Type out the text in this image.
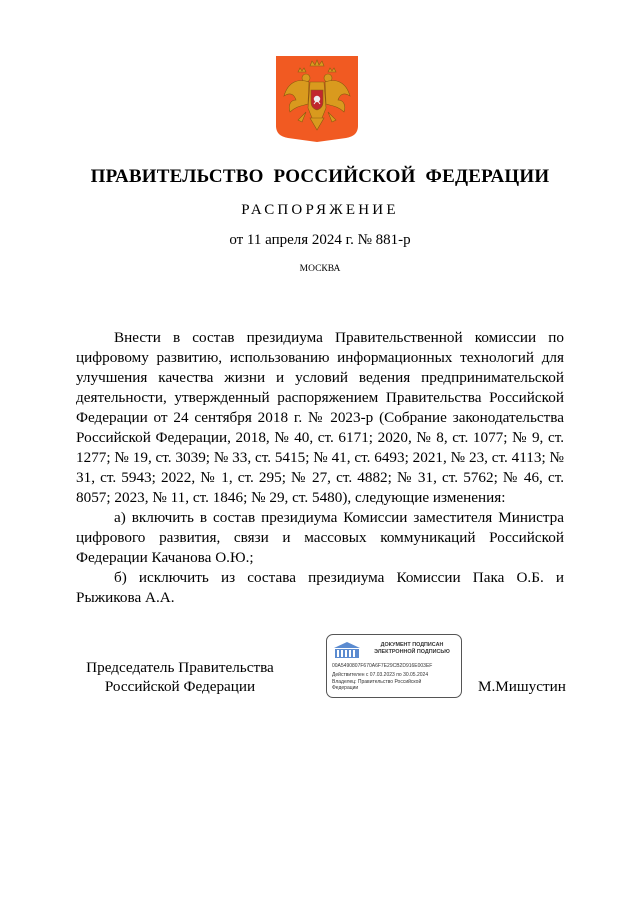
ПРАВИТЕЛЬСТВО РОССИЙСКОЙ ФЕДЕРАЦИИ
РАСПОРЯЖЕНИЕ
от 11 апреля 2024 г. № 881-р
МОСКВА

Внести в состав президиума Правительственной комиссии по цифровому развитию, использованию информационных технологий для улучшения качества жизни и условий ведения предпринимательской деятельности, утвержденный распоряжением Правительства Российской Федерации от 24 сентября 2018 г. № 2023-р (Собрание законодательства Российской Федерации, 2018, № 40, ст. 6171; 2020, № 8, ст. 1077; № 9, ст. 1277; № 19, ст. 3039; № 33, ст. 5415; № 41, ст. 6493; 2021, № 23, ст. 4113; № 31, ст. 5943; 2022, № 1, ст. 295; № 27, ст. 4882; № 31, ст. 5762; № 46, ст. 8057; 2023, № 11, ст. 1846; № 29, ст. 5480), следующие изменения:

а) включить в состав президиума Комиссии заместителя Министра цифрового развития, связи и массовых коммуникаций Российской Федерации Качанова О.Ю.;

б) исключить из состава президиума Комиссии Пака О.Б. и Рыжикова А.А.

Председатель Правительства
Российской Федерации
ДОКУМЕНТ ПОДПИСАН
ЭЛЕКТРОННОЙ ПОДПИСЬЮ
00A5490807F670A6F7E29CB2D916E003EF
Действителен с 07.03.2023 по 30.05.2024
Владелец: Правительство Российской
Федерации	М.Мишустин
